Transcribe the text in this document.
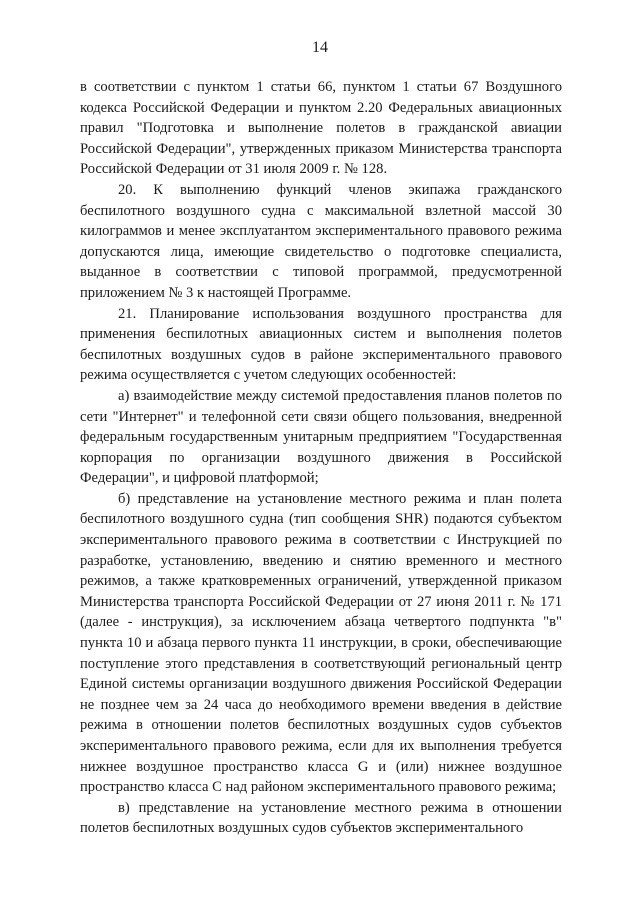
14

в соответствии с пунктом 1 статьи 66, пунктом 1 статьи 67 Воздушного кодекса Российской Федерации и пунктом 2.20 Федеральных авиационных правил "Подготовка и выполнение полетов в гражданской авиации Российской Федерации", утвержденных приказом Министерства транспорта Российской Федерации от 31 июля 2009 г. № 128.

20. К выполнению функций членов экипажа гражданского беспилотного воздушного судна с максимальной взлетной массой 30 килограммов и менее эксплуатантом экспериментального правового режима допускаются лица, имеющие свидетельство о подготовке специалиста, выданное в соответствии с типовой программой, предусмотренной приложением № 3 к настоящей Программе.

21. Планирование использования воздушного пространства для применения беспилотных авиационных систем и выполнения полетов беспилотных воздушных судов в районе экспериментального правового режима осуществляется с учетом следующих особенностей:

а) взаимодействие между системой предоставления планов полетов по сети "Интернет" и телефонной сети связи общего пользования, внедренной федеральным государственным унитарным предприятием "Государственная корпорация по организации воздушного движения в Российской Федерации", и цифровой платформой;

б) представление на установление местного режима и план полета беспилотного воздушного судна (тип сообщения SHR) подаются субъектом экспериментального правового режима в соответствии с Инструкцией по разработке, установлению, введению и снятию временного и местного режимов, а также кратковременных ограничений, утвержденной приказом Министерства транспорта Российской Федерации от 27 июня 2011 г. № 171 (далее - инструкция), за исключением абзаца четвертого подпункта "в" пункта 10 и абзаца первого пункта 11 инструкции, в сроки, обеспечивающие поступление этого представления в соответствующий региональный центр Единой системы организации воздушного движения Российской Федерации не позднее чем за 24 часа до необходимого времени введения в действие режима в отношении полетов беспилотных воздушных судов субъектов экспериментального правового режима, если для их выполнения требуется нижнее воздушное пространство класса G и (или) нижнее воздушное пространство класса C над районом экспериментального правового режима;

в) представление на установление местного режима в отношении полетов беспилотных воздушных судов субъектов экспериментального
